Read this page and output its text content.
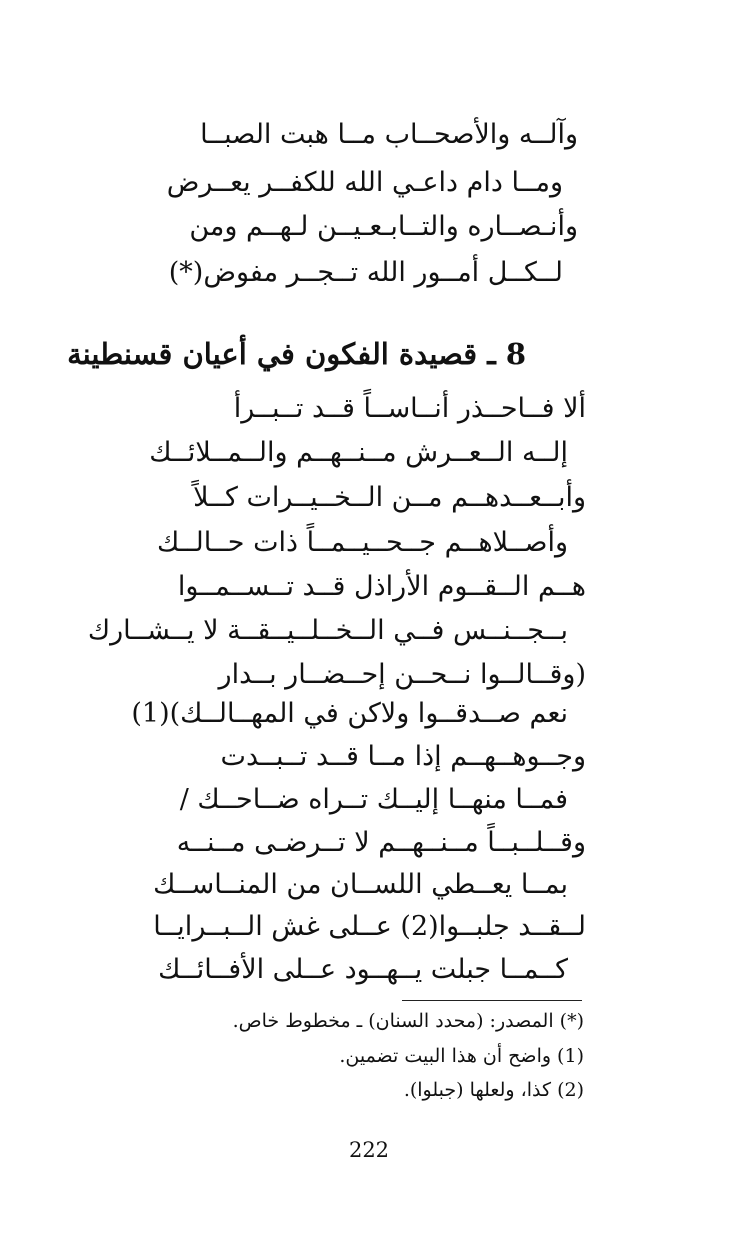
وآلــه والأصحــاب مــا هبت الصبــا
ومــا دام داعـي الله للكفــر يعــرض
وأنـصــاره والتــابـعـيــن لـهــم ومن
لــكــل أمــور الله تــجــر مفوض(*)
8 ـ قصيدة الفكون في أعيان قسنطينة
ألا فــاحــذر أنــاســاً قــد تــبــرأ
إلــه الــعــرش مــنــهــم والــمــلائــك
وأبــعــدهــم مــن الــخــيــرات كــلاً
وأصــلاهــم جــحــيــمــاً ذات حــالــك
هــم الــقــوم الأراذل قــد تــســمــوا
بــجــنــس فــي الــخــلــيــقــة لا يــشــارك
(وقــالــوا نــحــن إحــضــار بــدار
نعم صــدقــوا ولاكن في المهــالــك)(1)
وجــوهــهــم إذا مــا قــد تــبــدت
فمــا منهــا إليــك تــراه ضــاحــك /
وقــلــبــاً مــنــهــم لا تــرضـى مــنــه
بمــا يعــطي اللســان من المنــاســك
لــقــد جلبــوا(2) عــلى غش الــبــرايــا
كــمــا جبلت يــهــود عــلى الأفــائــك
(*) المصدر: (محدد السنان) ـ مخطوط خاص.
(1) واضح أن هذا البيت تضمين.
(2) كذا، ولعلها (جبلوا).
222
